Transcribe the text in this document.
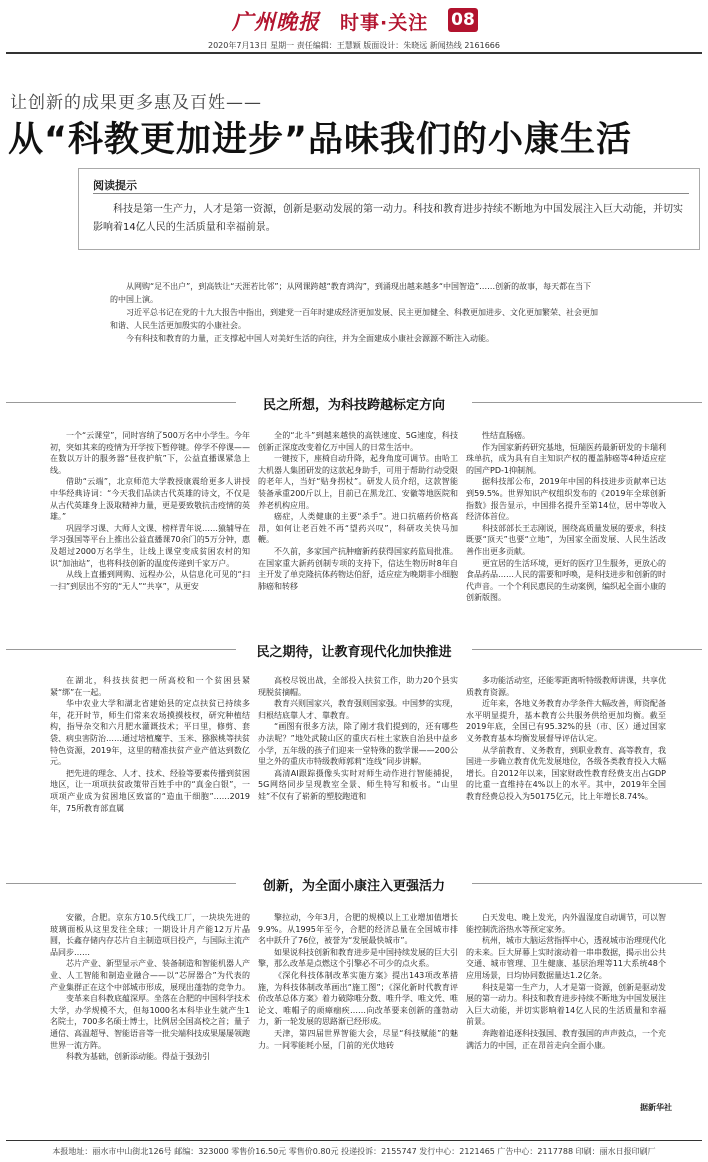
广州晚报 时事·关注 08
2020年7月13日 星期一 责任编辑：王慧颖 版面设计：朱晓远 新闻热线 2161666
让创新的成果更多惠及百姓——
从“科教更加进步”品味我们的小康生活
阅读提示
科技是第一生产力，人才是第一资源，创新是驱动发展的第一动力。科技和教育进步持续不断地为中国发展注入巨大动能，并切实影响着14亿人民的生活质量和幸福前景。

从网购“足不出户”，到高铁让“天涯若比邻”；从网课跨越“教育鸿沟”，到涌现出越来越多“中国智造”……创新的故事，每天都在当下的中国上演。

习近平总书记在党的十九大报告中指出，到建党一百年时建成经济更加发展、民主更加健全、科教更加进步、文化更加繁荣、社会更加和谐、人民生活更加殷实的小康社会。

今有科技和教育的力量，正支撑起中国人对美好生活的向往，并为全面建成小康社会源源不断注入动能。

民之所想，为科技跨越标定方向

一个“云课堂”，同时容纳了500万名中小学生。今年初，突如其来的疫情为开学按下暂停键。停学不停课——在数以万计的服务器“昼夜护航”下，公益直播课紧急上线。

借助“云端”，北京师范大学教授康震给更多人讲授中华经典诗词：“今天我们品读古代英雄的诗文，不仅是从古代英雄身上汲取精神力量，更是要致敬抗击疫情的英雄。”

巩固学习课、大师人文课、榜样青年说……猿辅导在学习强国等平台上推出公益直播课70余门的5万分钟，惠及超过2000万名学生，让线上课堂变成贫困农村的知识“加油站”，也将科技创新的温度传递到千家万户。

从线上直播到网购、远程办公，从信息化可见的“扫一扫”到层出不穷的“无人”“共享”，从更安

全的“北斗”到越来越快的高铁速度、5G速度，科技创新正深度改变着亿万中国人的日常生活中。

一键按下，座椅自动升降，起身角度可调节。由哈工大机器人集团研发的这款起身助手，可用于帮助行动受限的老年人，当好“贴身拐杖”。研发人员介绍，这款智能装备承重200斤以上，目前已在黑龙江、安徽等地医院和养老机构应用。

癌症，人类健康的主要“杀手”。进口抗癌药价格高昂，如何让老百姓不再“望药兴叹”，科研攻关快马加鞭。

不久前，多家国产抗肿瘤新药获得国家药监局批准。在国家重大新药创制专项的支持下，信达生物历时8年自主开发了单克隆抗体药物达伯舒，适应症为晚期非小细胞肺癌和转移

性结直肠癌。

作为国家新药研究基地，恒瑞医药最新研发的卡瑞利珠单抗，成为具有自主知识产权的覆盖肺癌等4种适应症的国产PD-1抑制剂。

据科技部公布，2019年中国的科技进步贡献率已达到59.5%。世界知识产权组织发布的《2019年全球创新指数》报告显示，中国排名提升至第14位，居中等收入经济体首位。

科技部部长王志刚说，围绕高质量发展的要求，科技既要“顶天”也要“立地”，为国家全面发展、人民生活改善作出更多贡献。

更宜居的生活环境，更好的医疗卫生服务，更放心的食品药品……人民的需要和呼唤，是科技进步和创新的时代声音。一个个利民惠民的生动案例，编织起全面小康的创新版图。

民之期待，让教育现代化加快推进

在湖北，科技扶贫把一所高校和一个贫困县紧紧“绑”在一起。

华中农业大学和湖北省建始县的定点扶贫已持续多年，花开时节，师生们常来农场摸摸枝杈，研究种植结构，指导杂交和六月肥水灌溉技术；平日里，修剪、套袋、病虫害防治……通过培植魔芋、玉米、猕猴桃等扶贫特色资源，2019年，这里的精准扶贫产业产值达到数亿元。

把先进的理念、人才、技术、经验等要素传播到贫困地区，让一项项扶贫政策带百姓手中的“真金白银”，一项项产业成为贫困地区致富的“造血干细胞”……2019年，75所教育部直属

高校尽锐出战，全部投入扶贫工作，助力20个县实现脱贫摘帽。

教育兴则国家兴，教育强则国家强。中国梦的实现，归根结底靠人才、靠教育。

“画图有很多方法，除了刚才我们提到的，还有哪些办法呢？”地处武陵山区的重庆石柱土家族自治县中益乡小学，五年级的孩子们迎来一堂特殊的数学课——200公里之外的重庆市特级教师郭莉“连线”同步讲解。

高清AI跟踪摄像头实时对师生动作进行智能捕捉，5G网络同步呈现教室全景、师生特写和板书。“山里娃”不仅有了崭新的塑胶跑道和

多功能活动室，还能零距离听特级教师讲课，共享优质教育资源。

近年来，各地义务教育办学条件大幅改善，师资配备水平明显提升，基本教育公共服务供给更加均衡。截至2019年底，全国已有95.32%的县（市、区）通过国家义务教育基本均衡发展督导评估认定。

从学前教育、义务教育，到职业教育、高等教育，我国进一步确立教育优先发展地位，各级各类教育投入大幅增长。自2012年以来，国家财政性教育经费支出占GDP的比重一直维持在4%以上的水平。其中，2019年全国教育经费总投入为50175亿元，比上年增长8.74%。

创新，为全面小康注入更强活力

安徽，合肥。京东方10.5代线工厂，一块块先进的玻璃面板从这里发往全球；一期设计月产能12万片晶圆，长鑫存储内存芯片自主制造项目投产，与国际主流产品同步……

芯片产业、新型显示产业、装备制造和智能机器人产业、人工智能和制造业融合——以“芯屏器合”为代表的产业集群正在这个中部城市形成，展现出蓬勃的竞争力。

变革来自科教底蕴深厚。坐落在合肥的中国科学技术大学，办学规模不大，但每1000名本科毕业生就产生1名院士，700多名硕士博士，比例居全国高校之首；量子通信、高温超导、智能语音等一批尖端科技成果屡屡领跑世界一流方阵。

科教为基础，创新添动能。得益于强劲引

擎拉动，今年3月，合肥的规模以上工业增加值增长9.9%。从1995年至今，合肥的经济总量在全国城市排名中跃升了76位，被誉为“发展最快城市”。

如果说科技创新和教育进步是中国持续发展的巨大引擎，那么改革是点燃这个引擎必不可少的点火系。

《深化科技体制改革实施方案》提出143项改革措施，为科技体制改革画出“施工图”；《深化新时代教育评价改革总体方案》着力破除唯分数、唯升学、唯文凭、唯论文、唯帽子的顽瘴痼疾……向改革要来创新的蓬勃动力，新一轮发展的思路渐已经形成。

天津，第四届世界智能大会，尽显“科技赋能”的魅力。一间零能耗小屋，门前的光伏地砖

白天发电、晚上发光，内外温湿度自动调节，可以智能控制洗浴热水等预定家务。

杭州，城市大脑运营指挥中心，透视城市治理现代化的未来。巨大屏幕上实时滚动着一串串数据，揭示出公共交通、城市管理、卫生健康、基层治理等11大系统48个应用场景，日均协同数据量达1.2亿条。

科技是第一生产力，人才是第一资源，创新是驱动发展的第一动力。科技和教育进步持续不断地为中国发展注入巨大动能，并切实影响着14亿人民的生活质量和幸福前景。

奔跑着追逐科技强国、教育强国的声声鼓点，一个充满活力的中国，正在昂首走向全面小康。

据新华社
本报地址：丽水市中山街北126号 邮编：323000 零售价16.50元 零售价0.80元 投递投诉：2155747 发行中心：2121465 广告中心：2117788 印刷：丽水日报印刷厂
